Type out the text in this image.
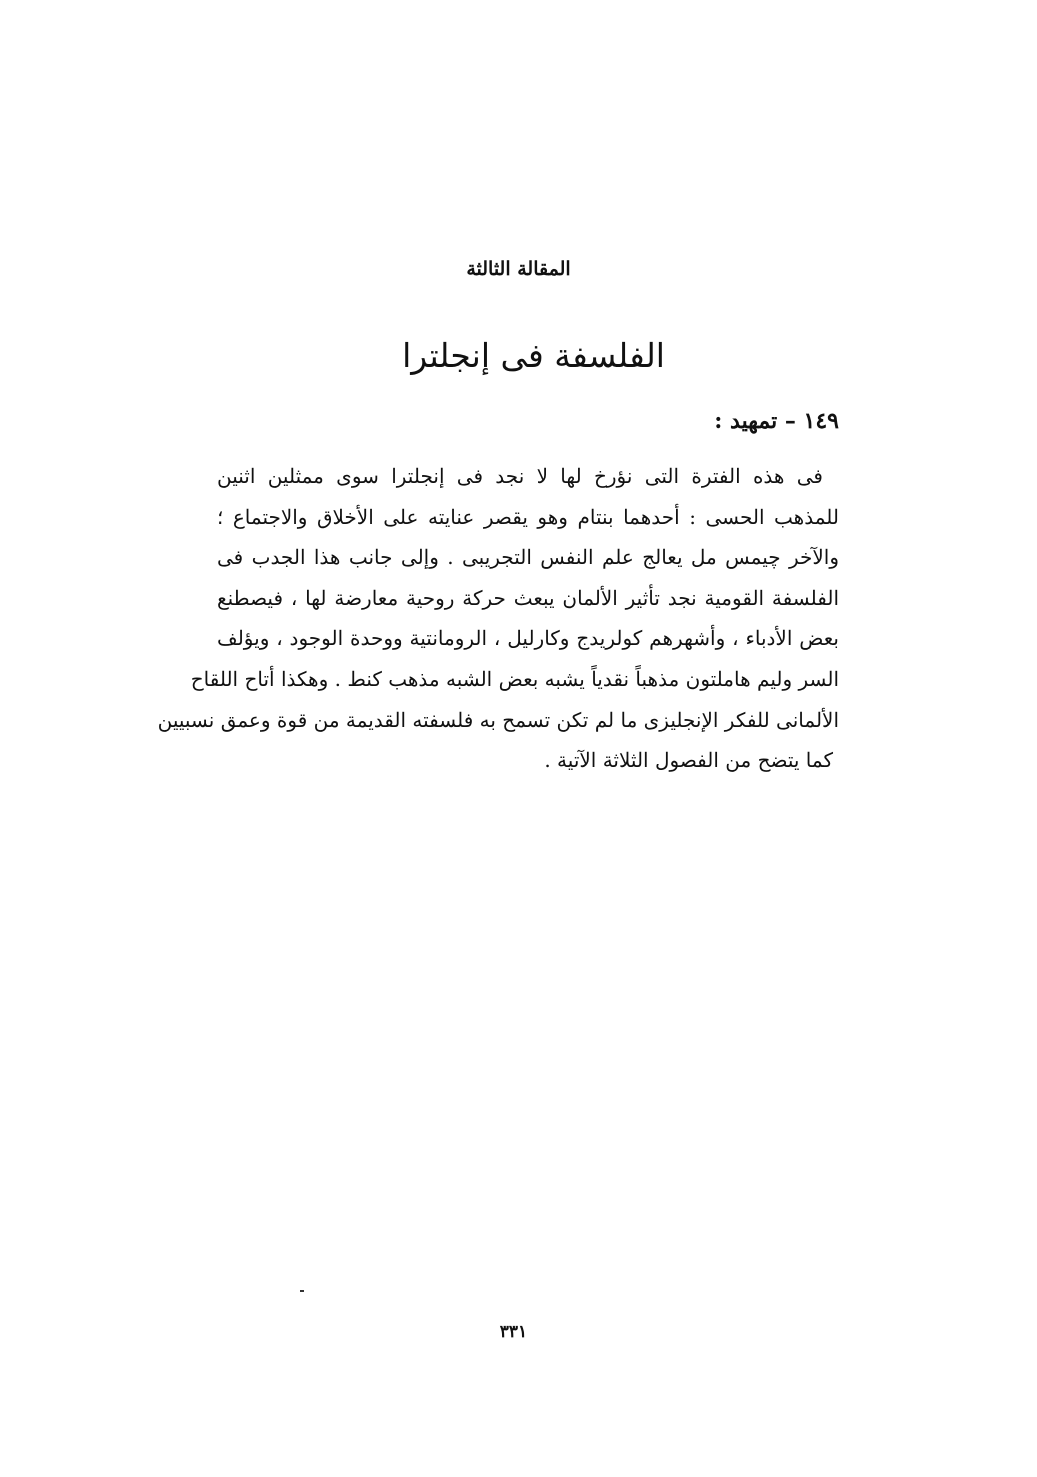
المقالة الثالثة
الفلسفة فى إنجلترا
١٤٩ – تمهيد :
فى هذه الفترة التى نؤرخ لها لا نجد فى إنجلترا سوى ممثلين اثنين
للمذهب الحسى : أحدهما بنتام وهو يقصر عنايته على الأخلاق والاجتماع ؛
والآخر چيمس مل يعالج علم النفس التجريبى . وإلى جانب هذا الجدب فى
الفلسفة القومية نجد تأثير الألمان يبعث حركة روحية معارضة لها ، فيصطنع
بعض الأدباء ، وأشهرهم كولريدج وكارليل ، الرومانتية ووحدة الوجود ، ويؤلف
السر وليم هاملتون مذهباً نقدياً يشبه بعض الشبه مذهب كنط . وهكذا أتاح اللقاح
الألمانى للفكر الإنجليزى ما لم تكن تسمح به فلسفته القديمة من قوة وعمق نسبيين
كما يتضح من الفصول الثلاثة الآتية .
٣٣١
